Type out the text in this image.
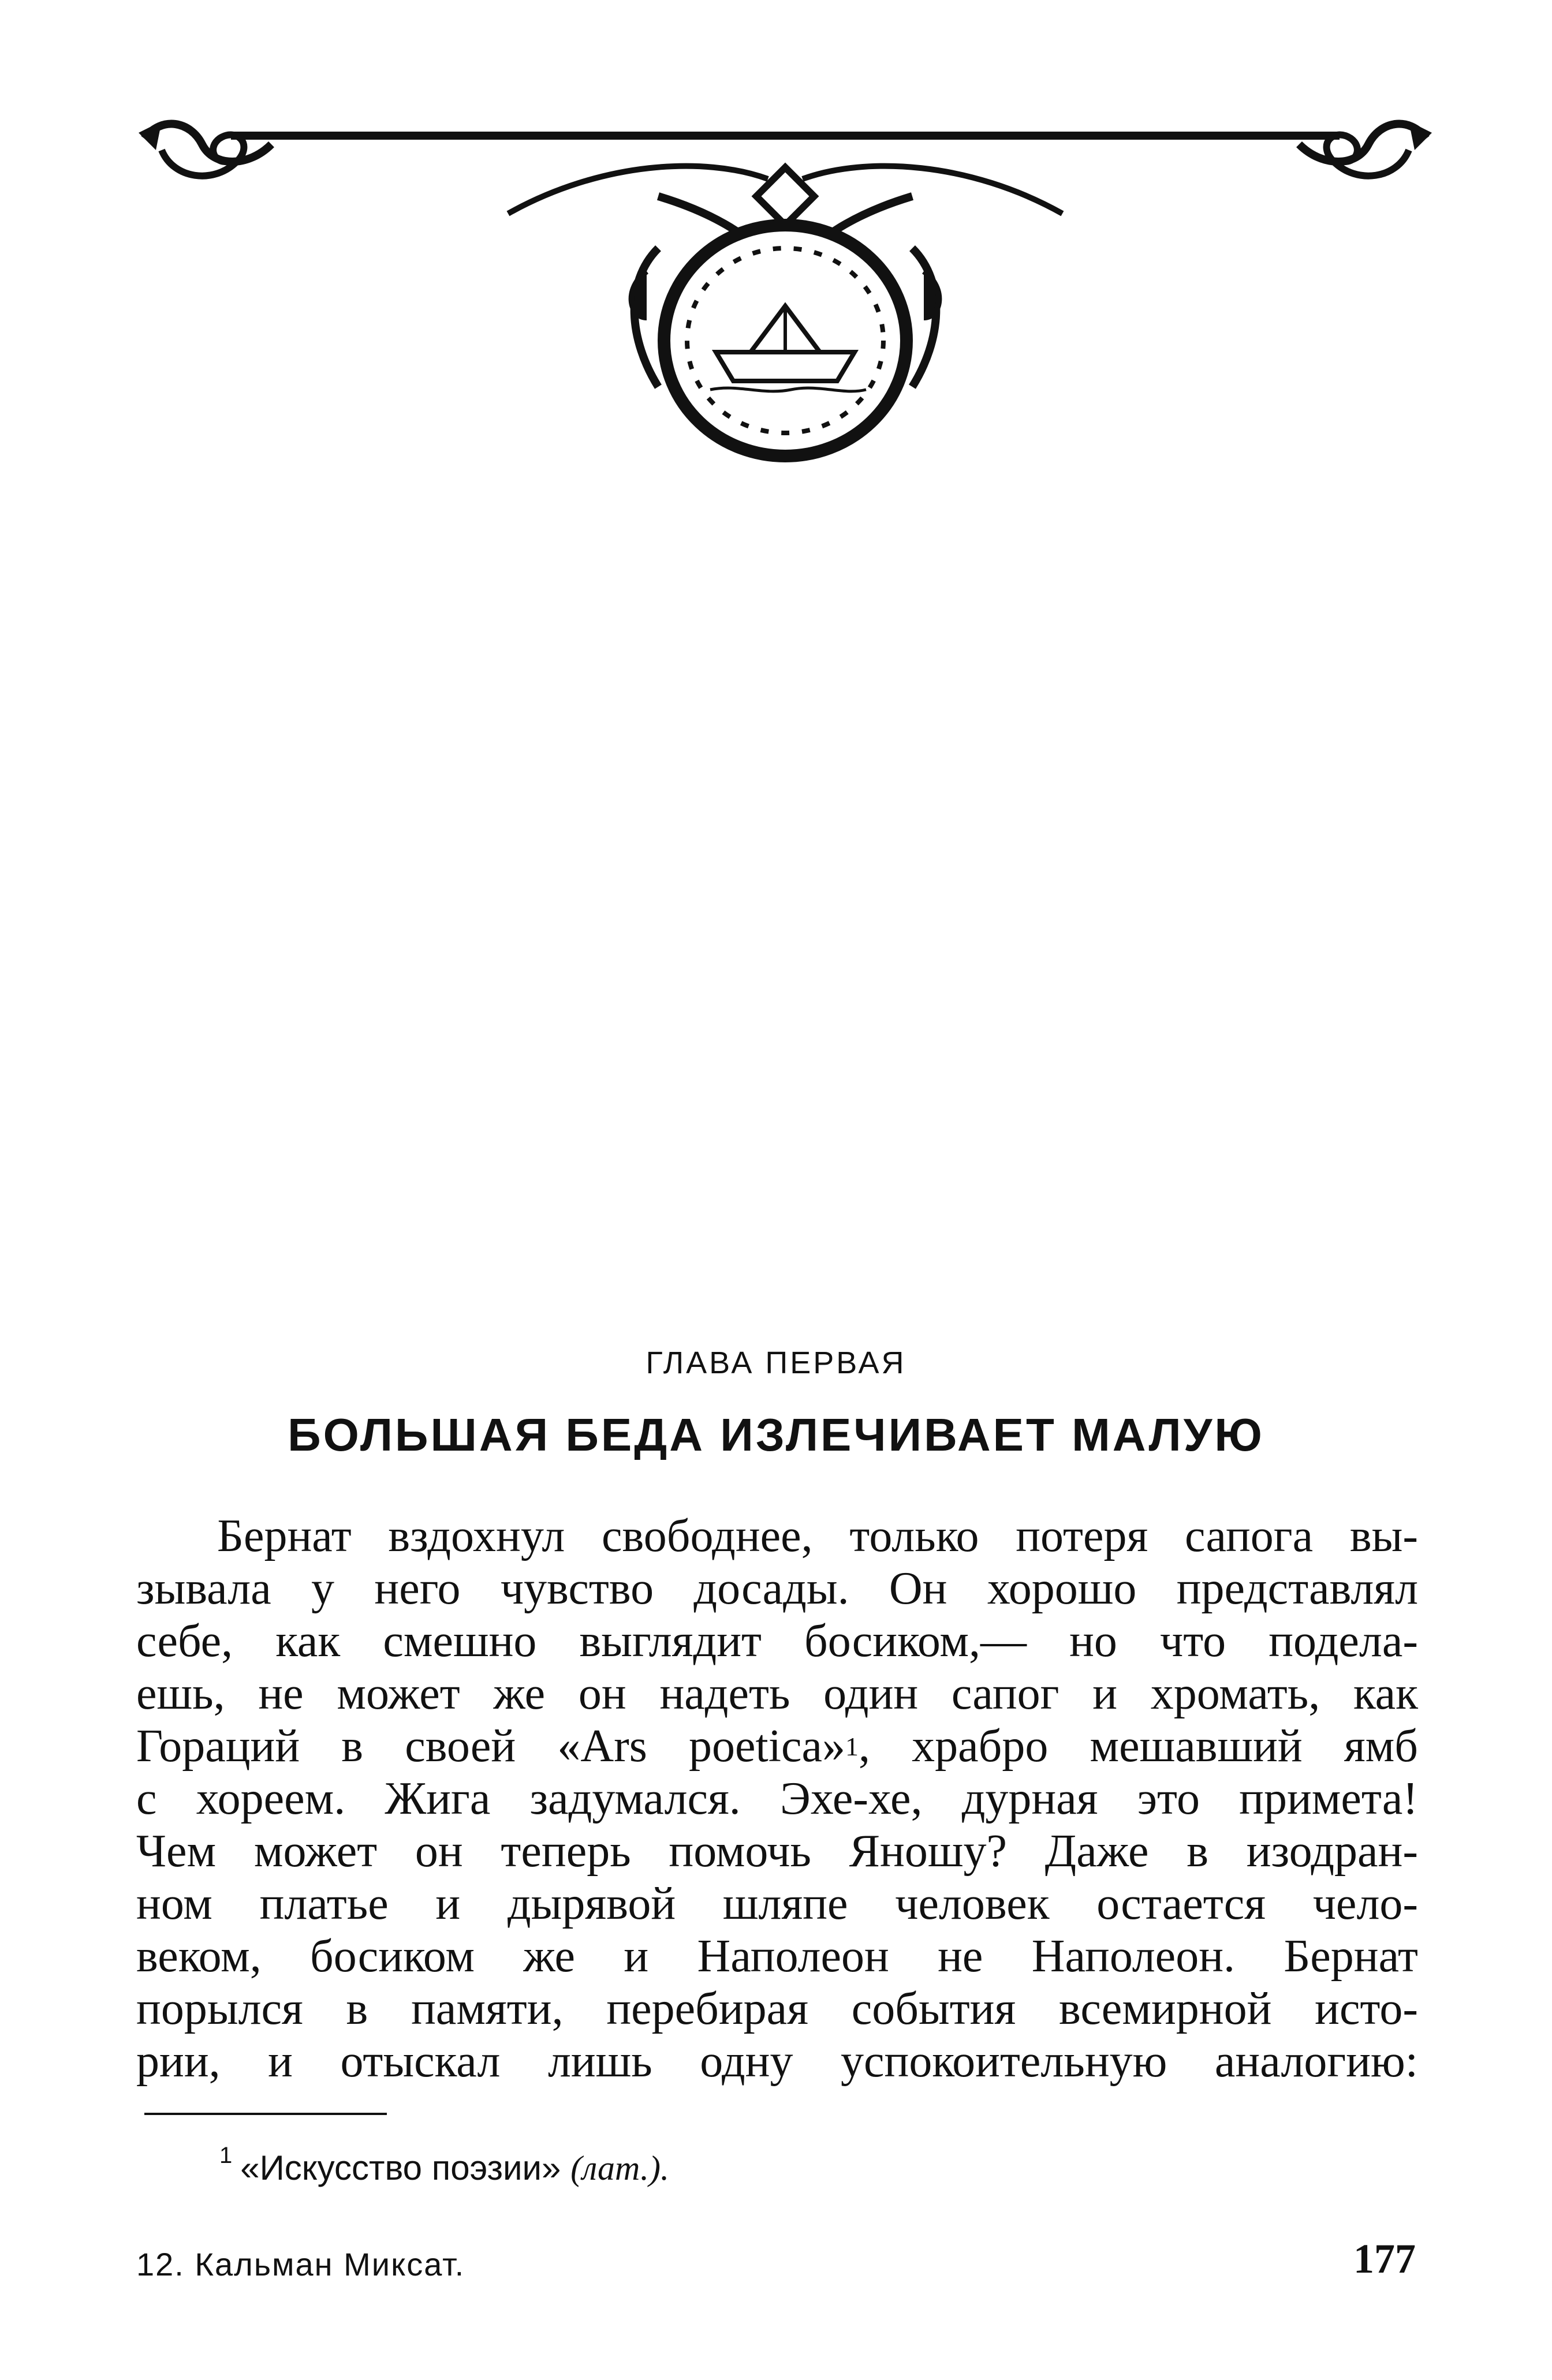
ГЛАВА ПЕРВАЯ
БОЛЬШАЯ БЕДА ИЗЛЕЧИВАЕТ МАЛУЮ
Бернат вздохнул свободнее, только потеря сапога вы-
зывала у него чувство досады. Он хорошо представлял
себе, как смешно выглядит босиком,— но что подела-
ешь, не может же он надеть один сапог и хромать, как
Гораций в своей «Ars poetica»$^1$, храбро мешавший ямб
с хореем. Жига задумался. Эхе-хе, дурная это примета!
Чем может он теперь помочь Яношу? Даже в изодран-
ном платье и дырявой шляпе человек остается чело-
веком, босиком же и Наполеон не Наполеон. Бернат
порылся в памяти, перебирая события всемирной исто-
рии, и отыскал лишь одну успокоительную аналогию:
$^1$ «Искусство поэзии» (лат.).
12. Кальман Миксат.	177
